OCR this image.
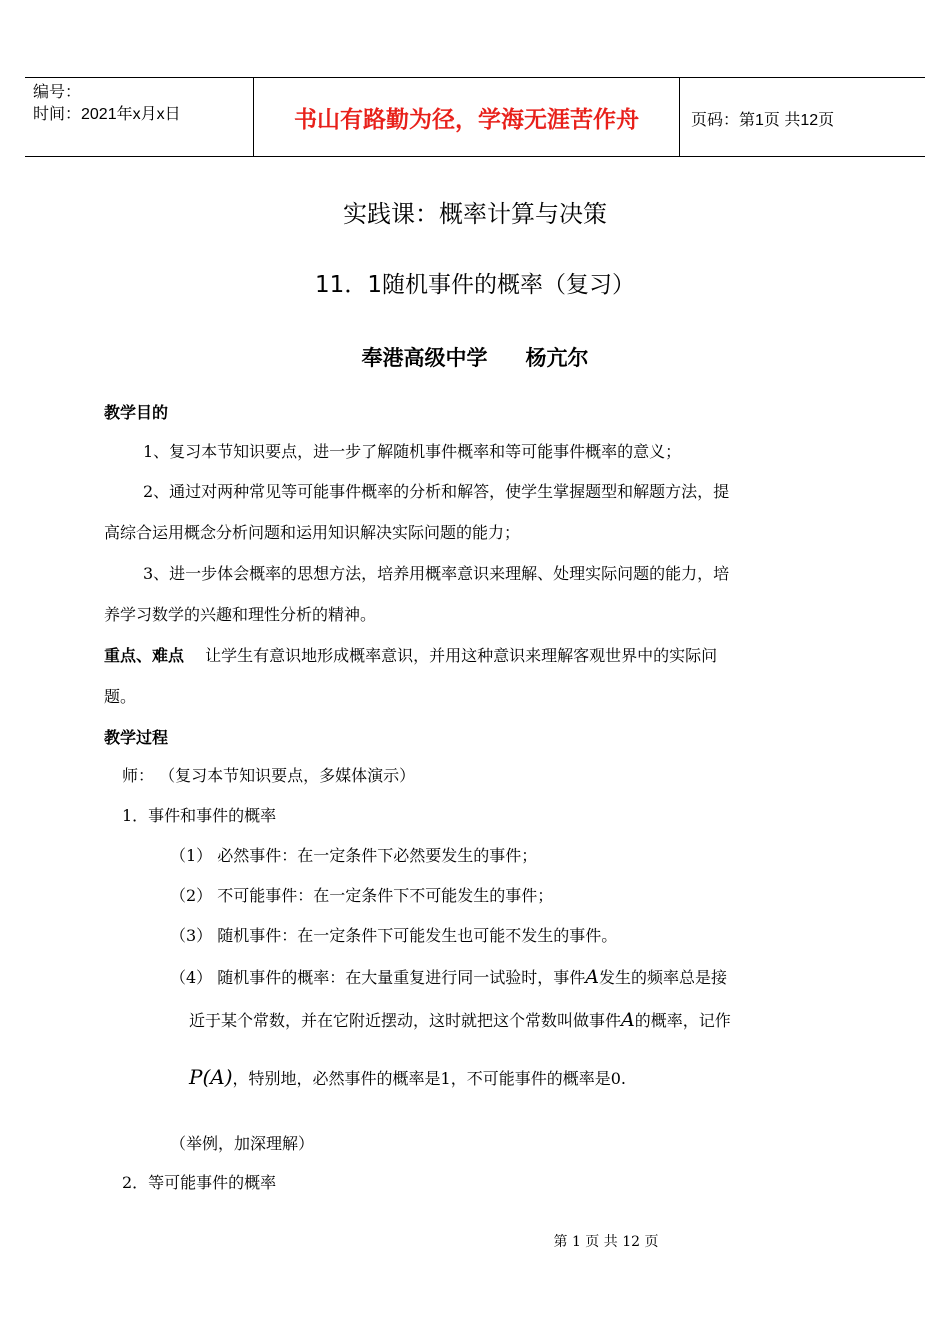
编号：
时间：2021年x月x日	书山有路勤为径，学海无涯苦作舟	页码：第1页 共12页
实践课：概率计算与决策
11．1随机事件的概率（复习）
奉港高级中学 杨亢尔
教学目的
1、复习本节知识要点，进一步了解随机事件概率和等可能事件概率的意义；
2、通过对两种常见等可能事件概率的分析和解答，使学生掌握题型和解题方法，提
高综合运用概念分析问题和运用知识解决实际问题的能力；
3、进一步体会概率的思想方法，培养用概率意识来理解、处理实际问题的能力，培
养学习数学的兴趣和理性分析的精神。
重点、难点 让学生有意识地形成概率意识，并用这种意识来理解客观世界中的实际问
题。
教学过程
师： （复习本节知识要点，多媒体演示）
1．事件和事件的概率
（1） 必然事件：在一定条件下必然要发生的事件；
（2） 不可能事件：在一定条件下不可能发生的事件；
（3） 随机事件：在一定条件下可能发生也可能不发生的事件。
（4） 随机事件的概率：在大量重复进行同一试验时，事件A发生的频率总是接
近于某个常数，并在它附近摆动，这时就把这个常数叫做事件A的概率，记作
P(A)，特别地，必然事件的概率是1，不可能事件的概率是0.
（举例，加深理解）
2．等可能事件的概率
第 1 页 共 12 页
